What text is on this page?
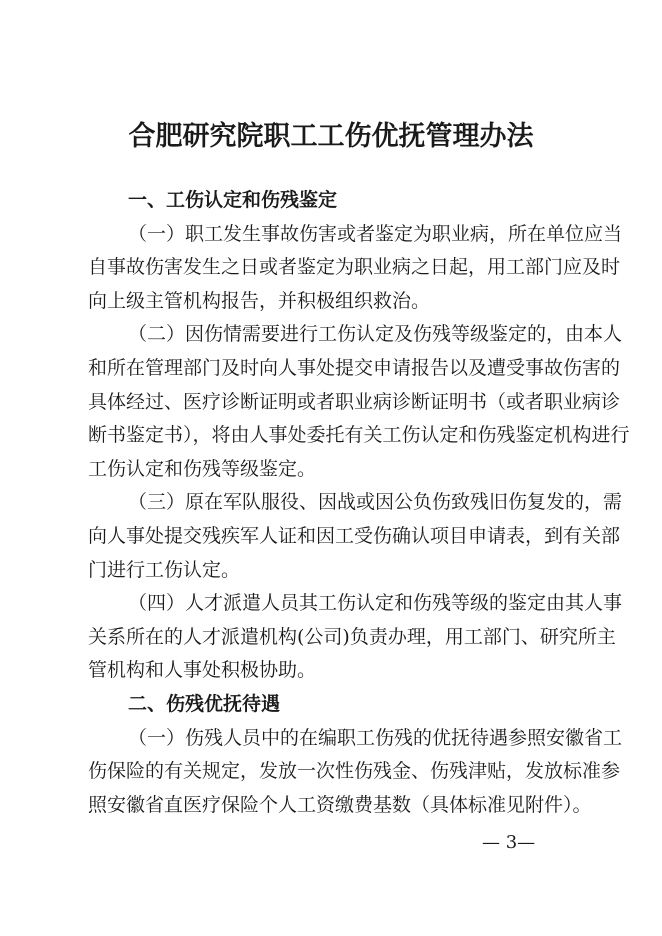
合肥研究院职工工伤优抚管理办法
一、工伤认定和伤残鉴定
（一）职工发生事故伤害或者鉴定为职业病，所在单位应当
自事故伤害发生之日或者鉴定为职业病之日起，用工部门应及时
向上级主管机构报告，并积极组织救治。
（二）因伤情需要进行工伤认定及伤残等级鉴定的，由本人
和所在管理部门及时向人事处提交申请报告以及遭受事故伤害的
具体经过、医疗诊断证明或者职业病诊断证明书（或者职业病诊
断书鉴定书），将由人事处委托有关工伤认定和伤残鉴定机构进行
工伤认定和伤残等级鉴定。
（三）原在军队服役、因战或因公负伤致残旧伤复发的，需
向人事处提交残疾军人证和因工受伤确认项目申请表，到有关部
门进行工伤认定。
（四）人才派遣人员其工伤认定和伤残等级的鉴定由其人事
关系所在的人才派遣机构(公司)负责办理，用工部门、研究所主
管机构和人事处积极协助。
二、伤残优抚待遇
（一）伤残人员中的在编职工伤残的优抚待遇参照安徽省工
伤保险的有关规定，发放一次性伤残金、伤残津贴，发放标准参
照安徽省直医疗保险个人工资缴费基数（具体标准见附件）。
— 3—
